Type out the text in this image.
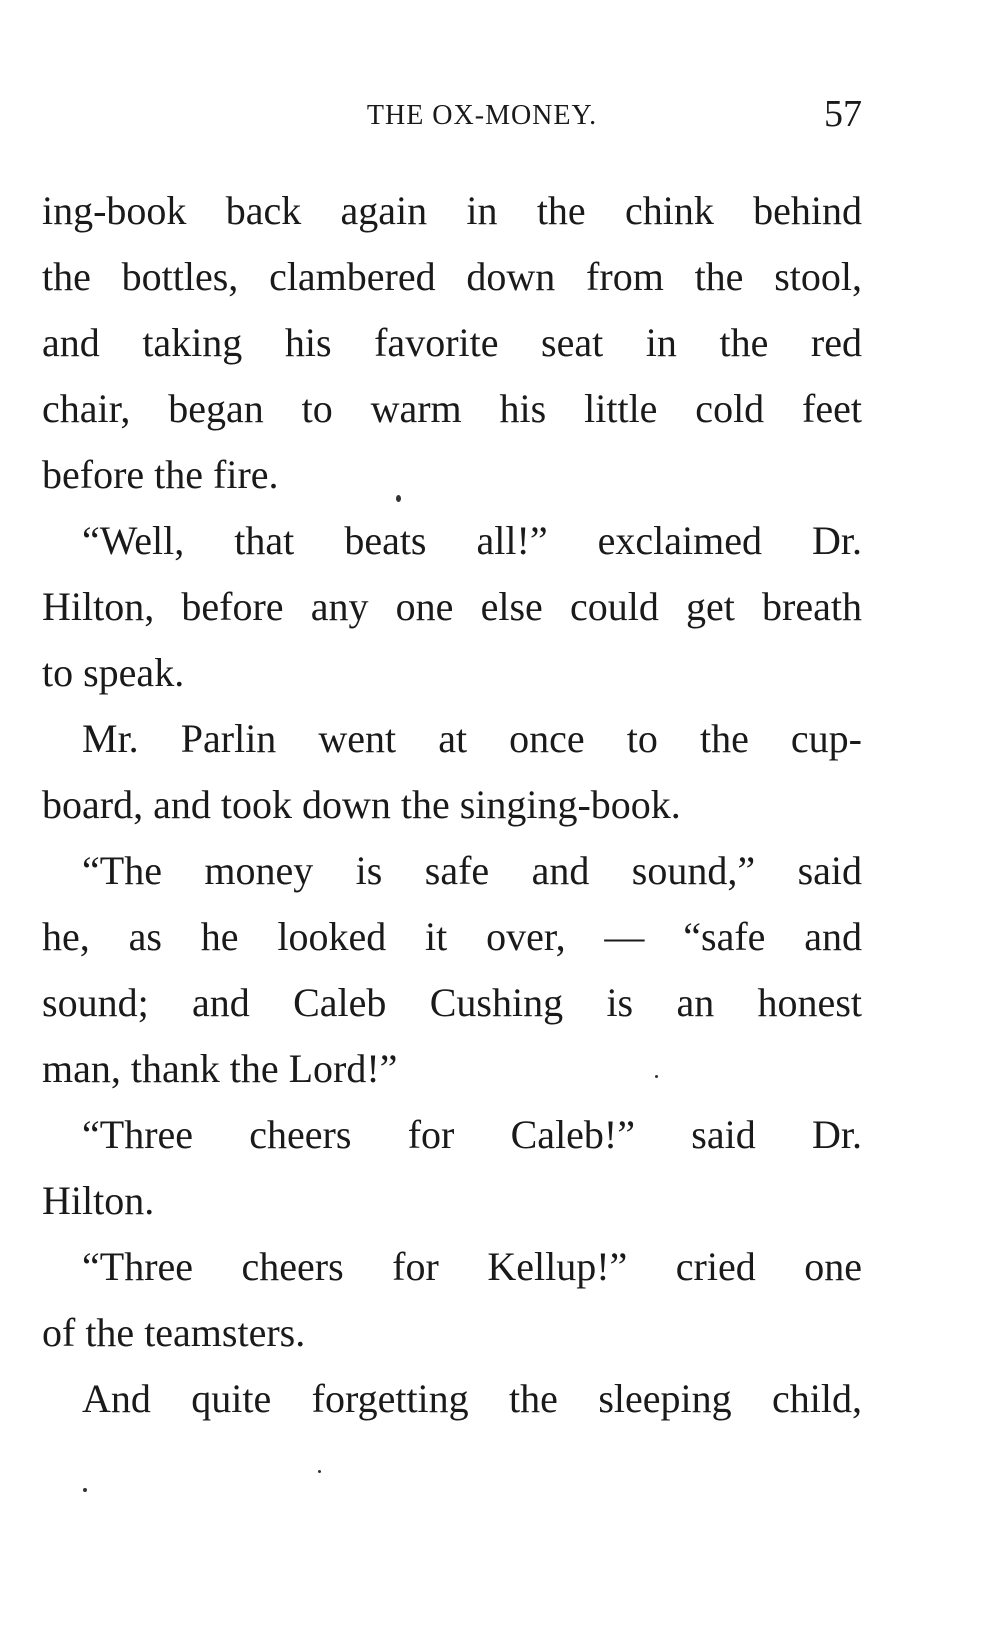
THE OX-MONEY.	57
ing-book back again in the chink behind
the bottles, clambered down from the stool,
and taking his favorite seat in the red
chair, began to warm his little cold feet
before the fire.
“Well, that beats all!” exclaimed Dr.
Hilton, before any one else could get breath
to speak.
Mr. Parlin went at once to the cup-
board, and took down the singing-book.
“The money is safe and sound,” said
he, as he looked it over, — “safe and
sound; and Caleb Cushing is an honest
man, thank the Lord!”
“Three cheers for Caleb!” said Dr.
Hilton.
“Three cheers for Kellup!” cried one
of the teamsters.
And quite forgetting the sleeping child,
